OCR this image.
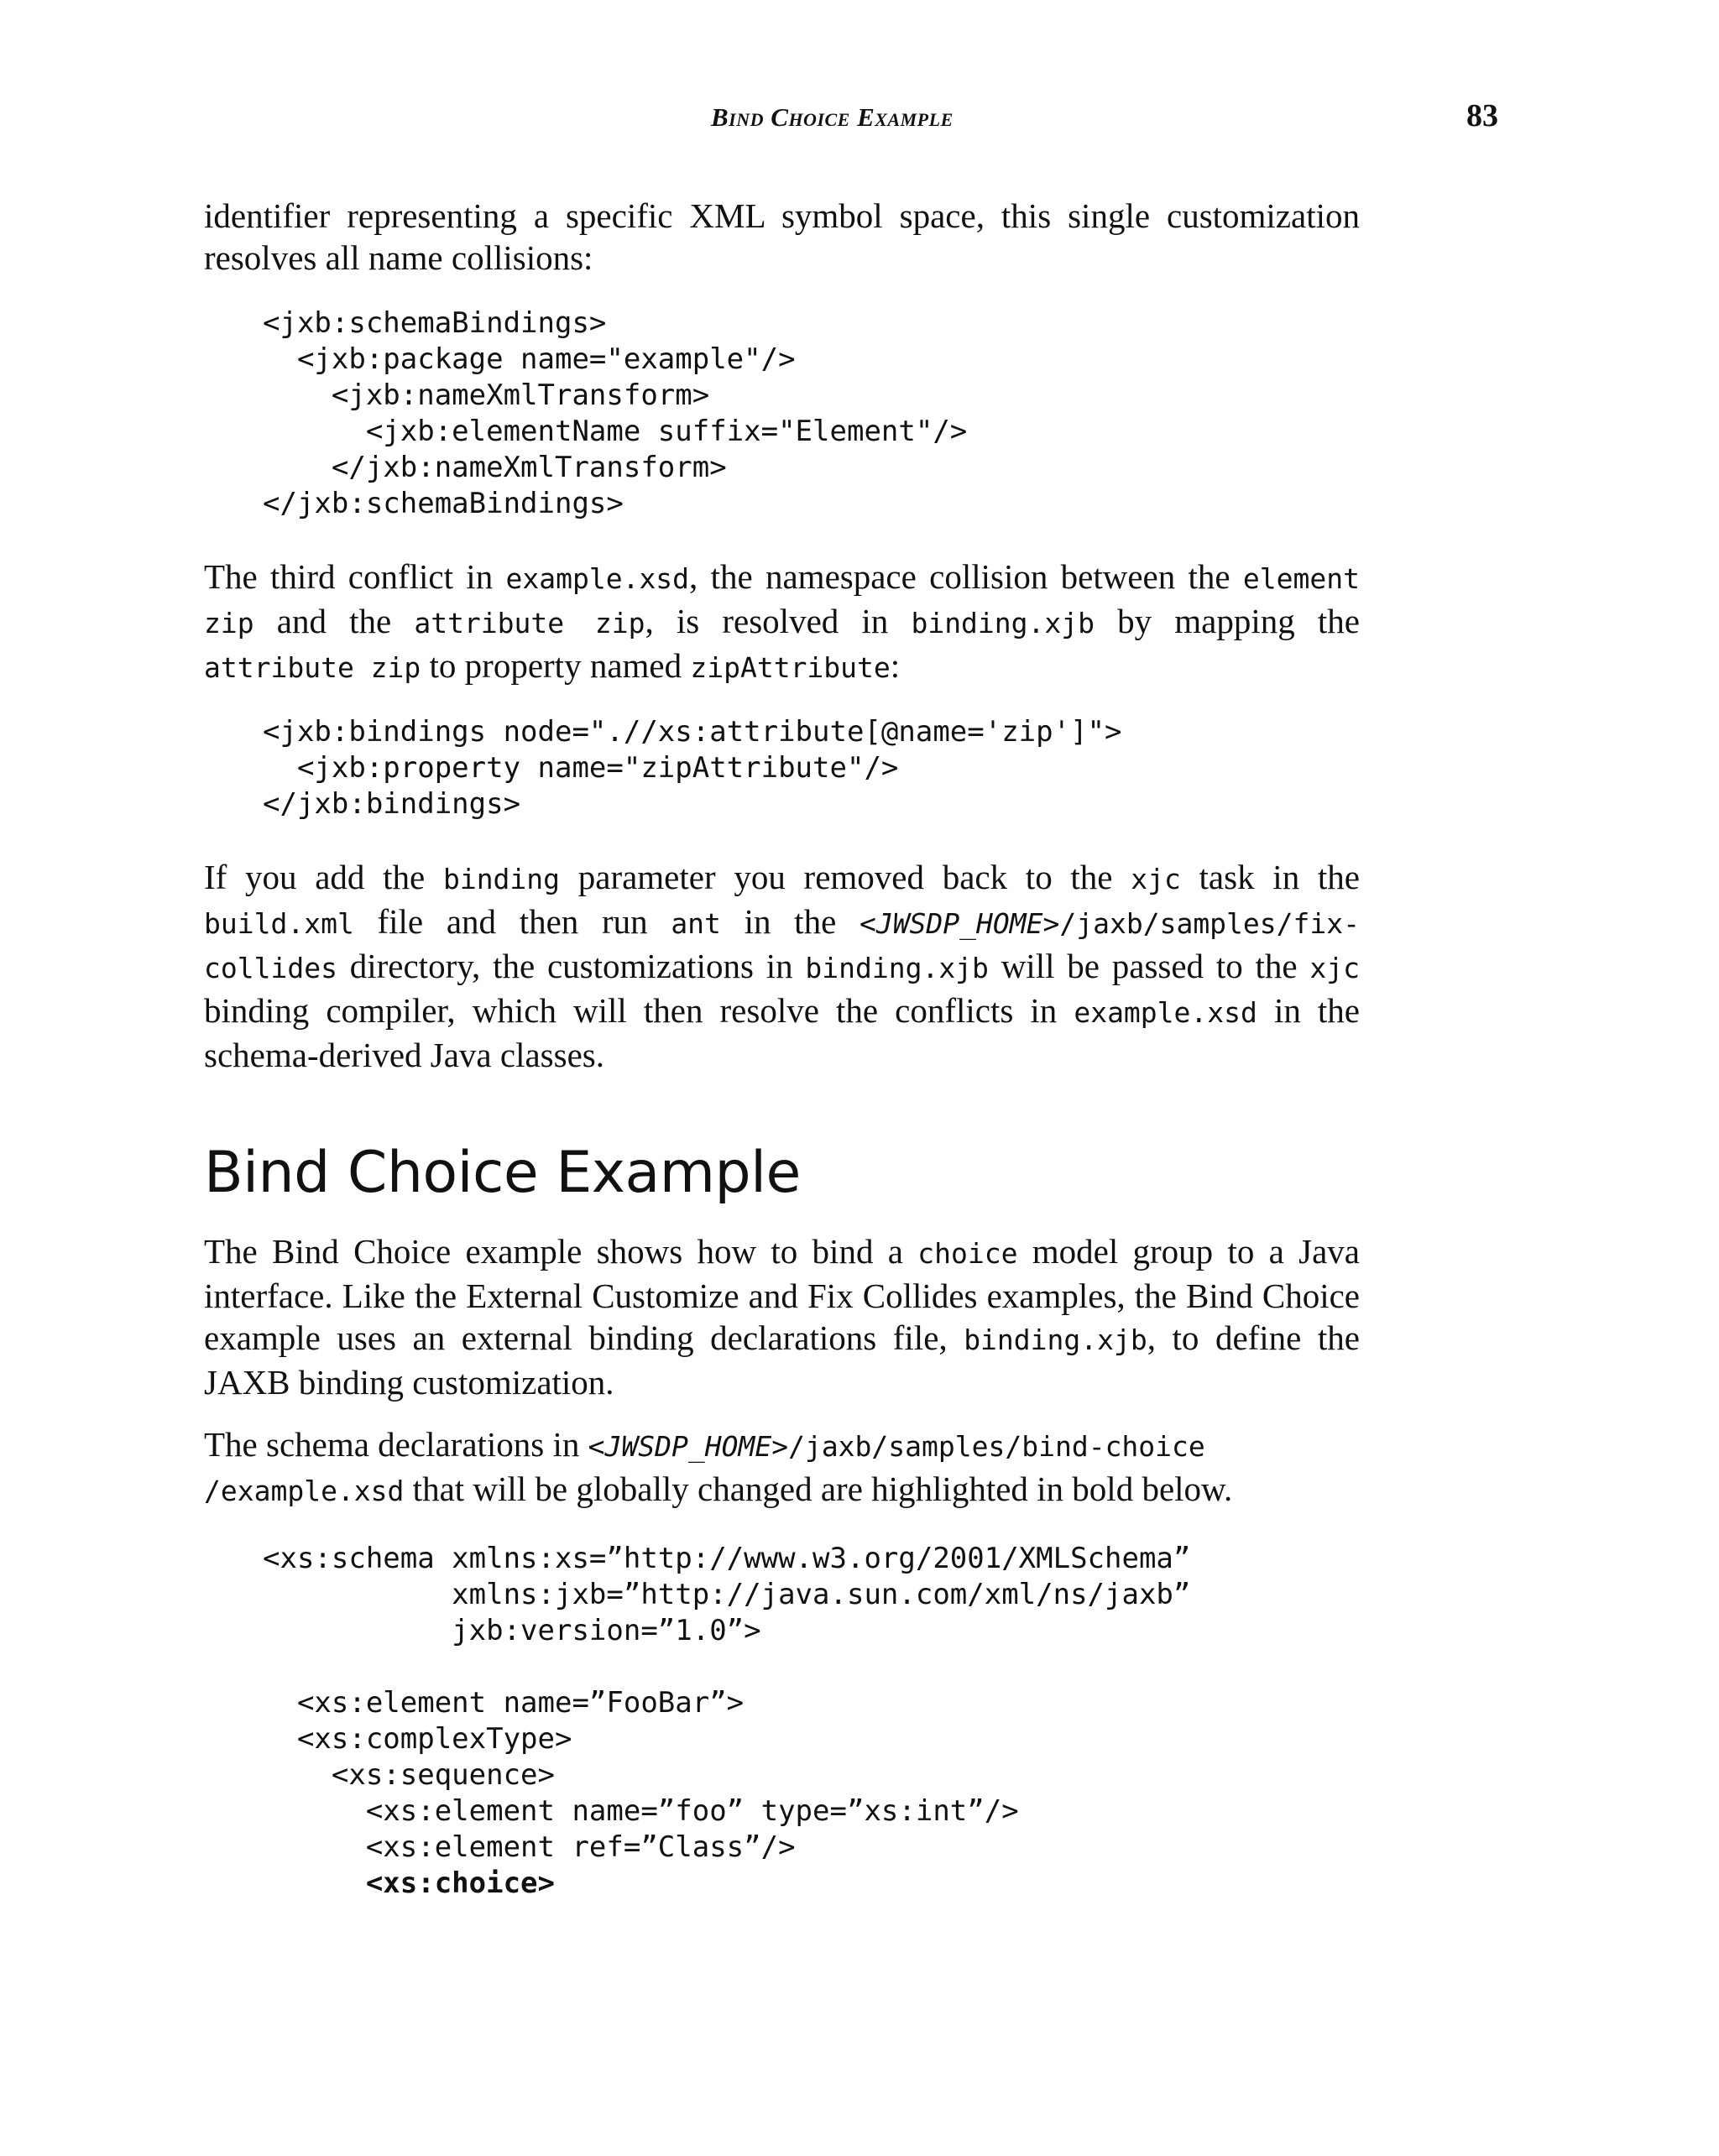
Bind Choice Example	83

identifier representing a specific XML symbol space, this single customization resolves all name collisions:

<jxb:schemaBindings>
<jxb:package name="example"/>
<jxb:nameXmlTransform>
<jxb:elementName suffix="Element"/>
</jxb:nameXmlTransform>
</jxb:schemaBindings>

The third conflict in example.xsd, the namespace collision between the element zip and the attribute zip, is resolved in binding.xjb by mapping the attribute zip to property named zipAttribute:

<jxb:bindings node=".//xs:attribute[@name='zip']">
<jxb:property name="zipAttribute"/>
</jxb:bindings>

If you add the binding parameter you removed back to the xjc task in the build.xml file and then run ant in the <JWSDP_HOME>/jaxb/samples/fix-collides directory, the customizations in binding.xjb will be passed to the xjc binding compiler, which will then resolve the conflicts in example.xsd in the schema-derived Java classes.

Bind Choice Example

The Bind Choice example shows how to bind a choice model group to a Java interface. Like the External Customize and Fix Collides examples, the Bind Choice example uses an external binding declarations file, binding.xjb, to define the JAXB binding customization.

The schema declarations in <JWSDP_HOME>/jaxb/samples/bind-choice
/example.xsd that will be globally changed are highlighted in bold below.

<xs:schema xmlns:xs=”http://www.w3.org/2001/XMLSchema”
xmlns:jxb=”http://java.sun.com/xml/ns/jaxb”
jxb:version=”1.0”>

<xs:element name=”FooBar”>
<xs:complexType>
<xs:sequence>
<xs:element name=”foo” type=”xs:int”/>
<xs:element ref=”Class”/>
<xs:choice>
